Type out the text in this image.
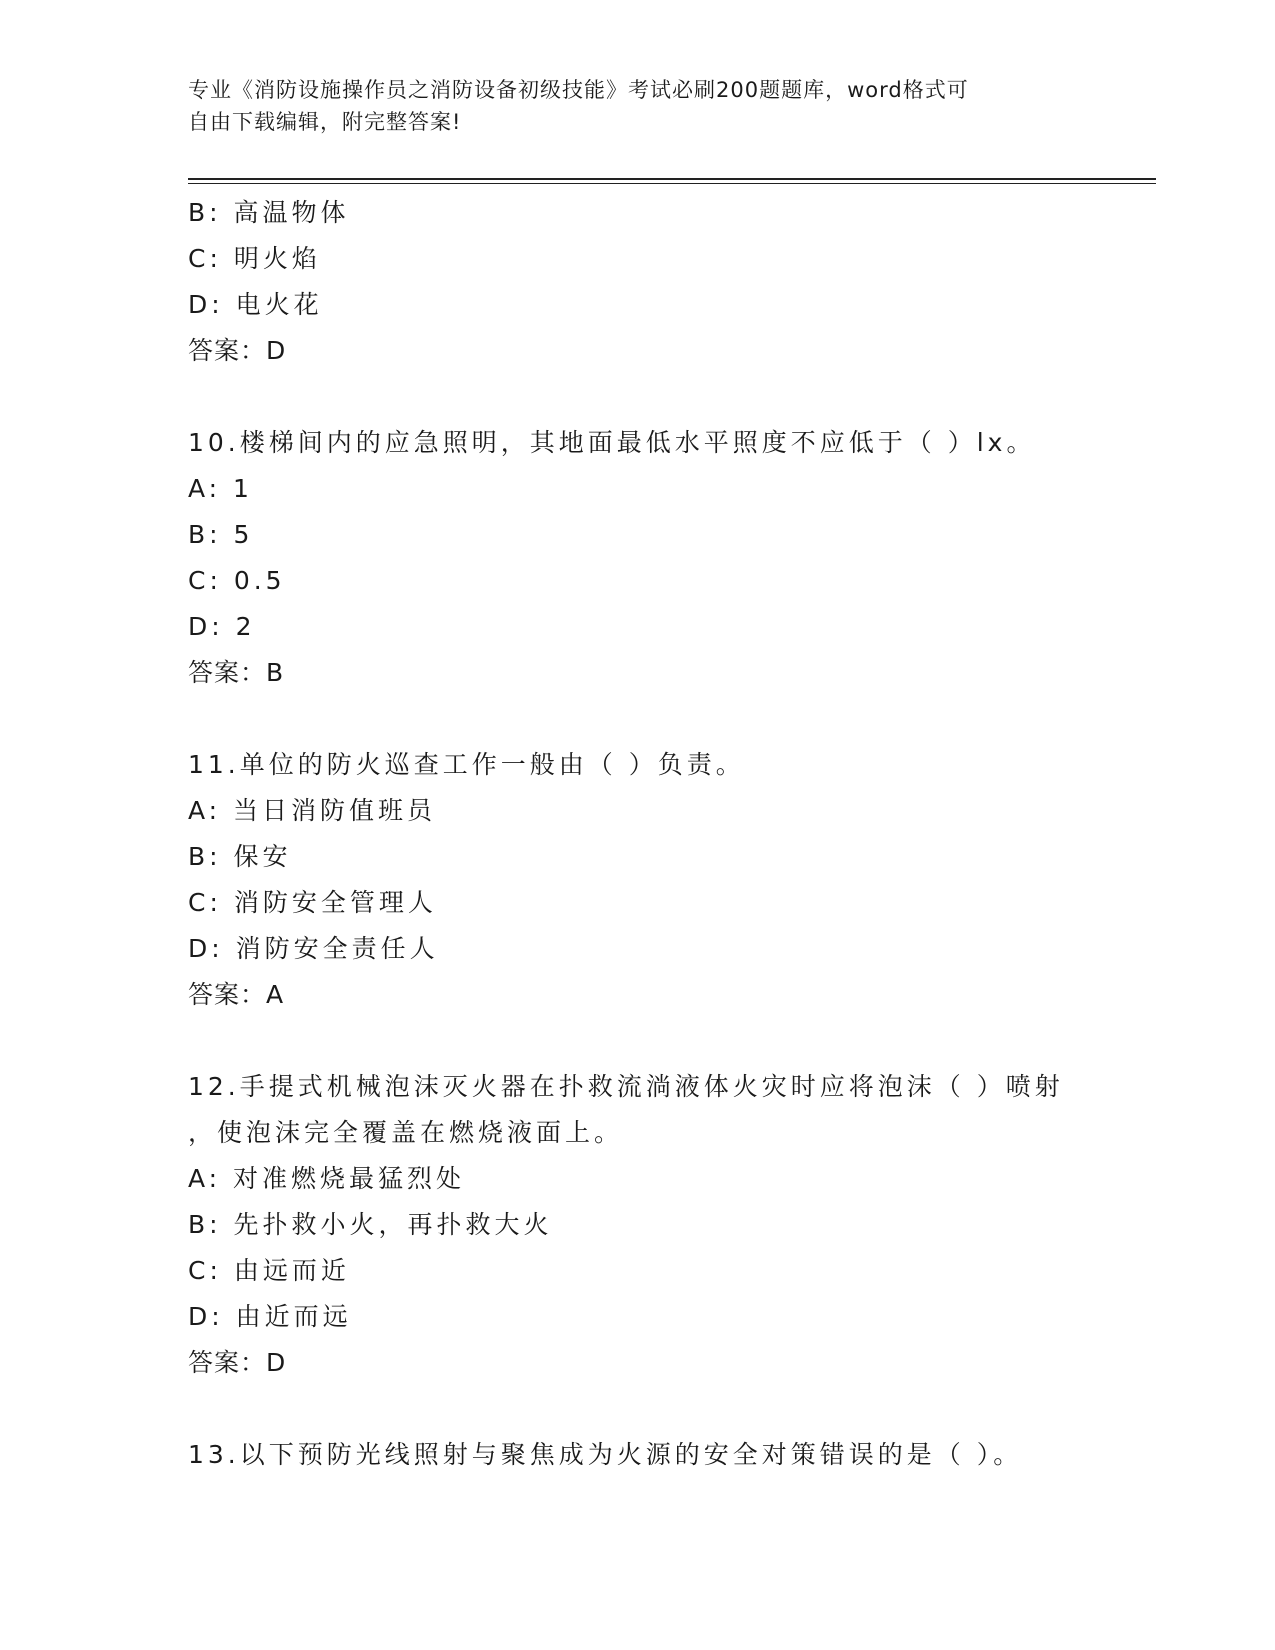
专业《消防设施操作员之消防设备初级技能》考试必刷200题题库，word格式可
自由下载编辑，附完整答案!
B: 高温物体
C: 明火焰
D: 电火花
答案：D
10.楼梯间内的应急照明，其地面最低水平照度不应低于（ ）lx。
A: 1
B: 5
C: 0.5
D: 2
答案：B
11.单位的防火巡查工作一般由（ ）负责。
A: 当日消防值班员
B: 保安
C: 消防安全管理人
D: 消防安全责任人
答案：A
12.手提式机械泡沫灭火器在扑救流淌液体火灾时应将泡沫（ ）喷射
，使泡沫完全覆盖在燃烧液面上。
A: 对准燃烧最猛烈处
B: 先扑救小火，再扑救大火
C: 由远而近
D: 由近而远
答案：D
13.以下预防光线照射与聚焦成为火源的安全对策错误的是（ ）。
